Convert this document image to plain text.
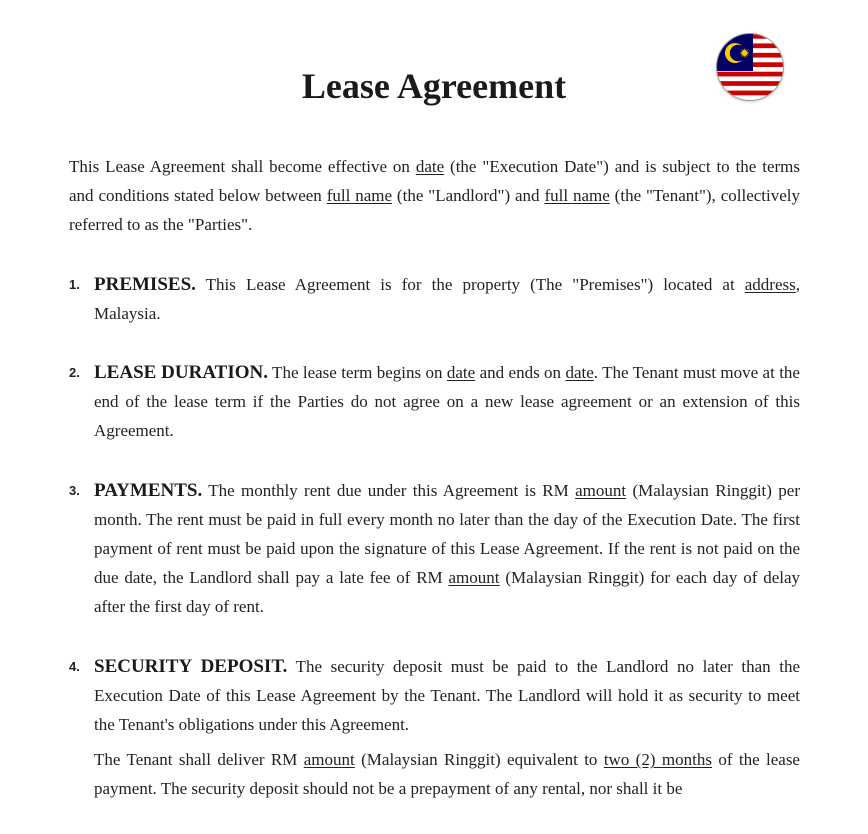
Lease Agreement

This Lease Agreement shall become effective on date (the "Execution Date") and is subject to the terms and conditions stated below between full name (the "Landlord") and full name (the "Tenant"), collectively referred to as the "Parties".

1. PREMISES. This Lease Agreement is for the property (The "Premises") located at address, Malaysia.

2. LEASE DURATION. The lease term begins on date and ends on date. The Tenant must move at the end of the lease term if the Parties do not agree on a new lease agreement or an extension of this Agreement.

3. PAYMENTS. The monthly rent due under this Agreement is RM amount (Malaysian Ringgit) per month. The rent must be paid in full every month no later than the day of the Execution Date. The first payment of rent must be paid upon the signature of this Lease Agreement. If the rent is not paid on the due date, the Landlord shall pay a late fee of RM amount (Malaysian Ringgit) for each day of delay after the first day of rent.

4. SECURITY DEPOSIT. The security deposit must be paid to the Landlord no later than the Execution Date of this Lease Agreement by the Tenant. The Landlord will hold it as security to meet the Tenant's obligations under this Agreement.

The Tenant shall deliver RM amount (Malaysian Ringgit) equivalent to two (2) months of the lease payment. The security deposit should not be a prepayment of any rental, nor shall it be
